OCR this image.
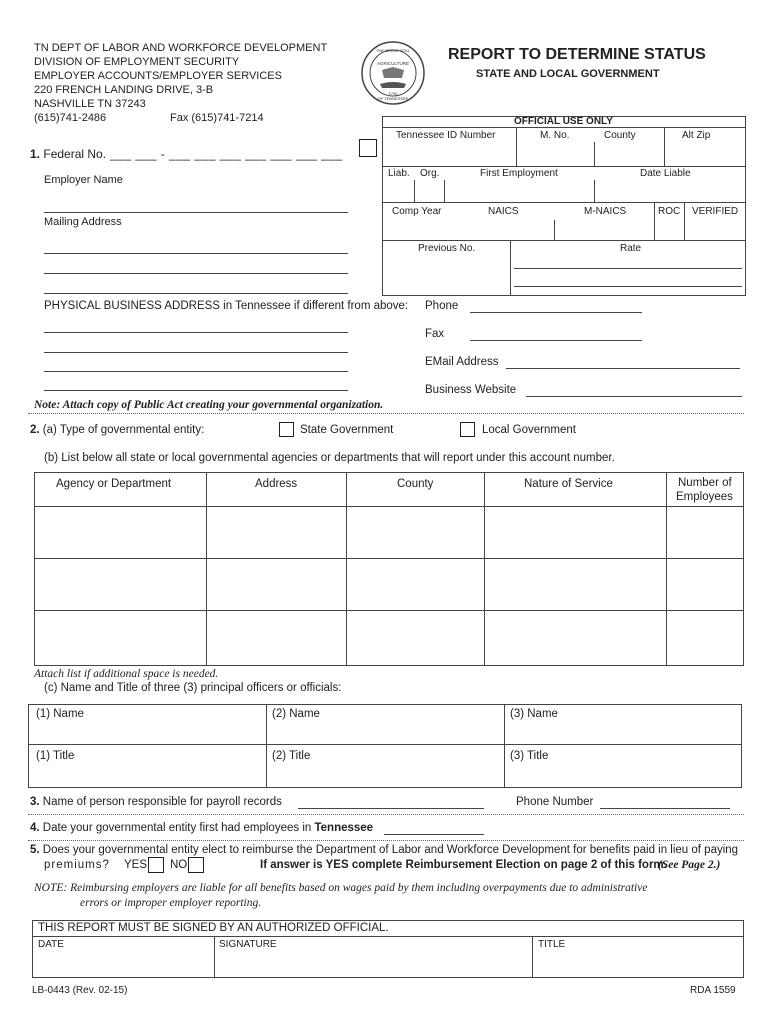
TN DEPT OF LABOR AND WORKFORCE DEVELOPMENT
DIVISION OF EMPLOYMENT SECURITY
EMPLOYER ACCOUNTS/EMPLOYER SERVICES
220 FRENCH LANDING DRIVE, 3-B
NASHVILLE TN 37243
(615)741-2486	Fax (615)741-7214
THE GREAT SEAL
OF TENNESSEE
AGRICULTURE
1796
REPORT TO DETERMINE STATUS
STATE AND LOCAL GOVERNMENT
OFFICIAL USE ONLY
Tennessee ID Number	M. No.	County	Alt Zip
Liab. Org.	First Employment	Date Liable
Comp Year	NAICS	M-NAICS	ROC VERIFIED
Previous No.	Rate
1. Federal No. ___ ___ - ___ ___ ___ ___ ___ ___ ___
Employer Name
Mailing Address
PHYSICAL BUSINESS ADDRESS in Tennessee if different from above: Phone
Fax
EMail Address
Business Website
Note: Attach copy of Public Act creating your governmental organization.
2. (a) Type of governmental entity:	State Government	Local Government
(b) List below all state or local governmental agencies or departments that will report under this account number.
Agency or Department	Address	County	Nature of Service	Number of
Employees
Attach list if additional space is needed.
(c) Name and Title of three (3) principal officers or officials:
(1) Name	(2) Name	(3) Name
(1) Title	(2) Title	(3) Title
3. Name of person responsible for payroll records	Phone Number
4. Date your governmental entity first had employees in Tennessee
5. Does your governmental entity elect to reimburse the Department of Labor and Workforce Development for benefits paid in lieu of paying
premiums? YES NO	If answer is YES complete Reimbursement Election on page 2 of this form.
(See Page 2.)
NOTE: Reimbursing employers are liable for all benefits based on wages paid by them including overpayments due to administrative
errors or improper employer reporting.
THIS REPORT MUST BE SIGNED BY AN AUTHORIZED OFFICIAL.
DATE	SIGNATURE	TITLE
LB-0443 (Rev. 02-15)	RDA 1559
